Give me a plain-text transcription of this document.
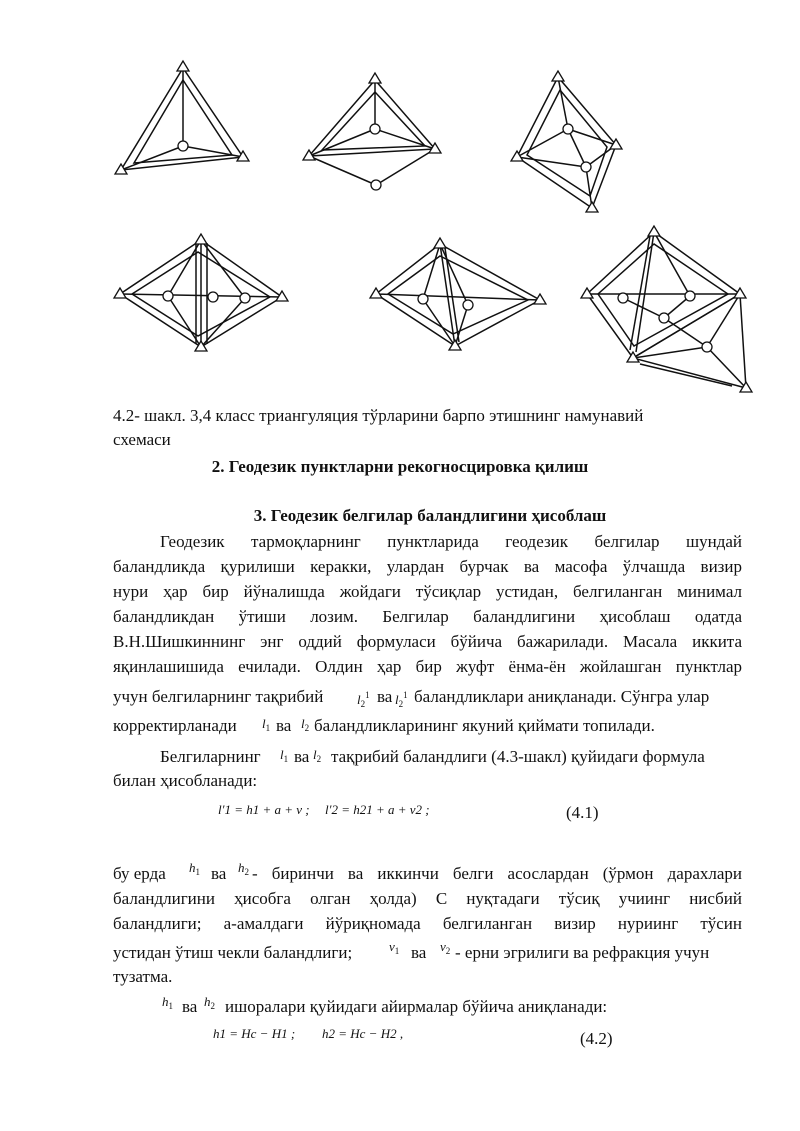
4.2- шакл. 3,4 класс триангуляция тўрларини барпо этишнинг намунавий
схемаси
2. Геодезик пунктларни рекогносцировка қилиш
3. Геодезик белгилар баландлигини ҳисоблаш
Геодезик тармоқларнинг пунктларида геодезик белгилар шундай
баландликда қурилиши керакки, улардан бурчак ва масофа ўлчашда визир
нури ҳар бир йўналишда жойдаги тўсиқлар устидан, белгиланган минимал
баландликдан ўтиши лозим. Белгилар баландлигини ҳисоблаш одатда
В.Н.Шишкиннинг энг оддий формуласи бўйича бажарилади. Масала иккита
яқинлашишида ечилади. Олдин ҳар бир жуфт ёнма-ён жойлашган пунктлар
учун белгиларнинг тақрибий	$l_2^1$ ва $l_2^1$ баландликлари аниқланади. Сўнгра улар
корректирланади $l_1$ ва $l_2$ баландликларининг якуний қиймати топилади.
Белгиларнинг $l_1$ ва $l_2$ тақрибий баландлиги (4.3-шакл) қуйидаги формула
билан ҳисобланади:
l′1 = h1 + a + v ; l′2 = h21 + a + v2 ;	(4.1)
бу ерда $h_1$ ва $h_2$ - биринчи ва иккинчи белги асослардан (ўрмон дарахлари
баландлигини ҳисобга олган ҳолда) C нуқтадаги тўсиқ учиинг нисбий
баландлиги; a-амалдаги йўриқномада белгиланган визир нуриинг тўсин
устидан ўтиш чекли баландлиги;	$v_1$ ва $v_2$ - ерни эгрилиги ва рефракция учун
тузатма.
$h_1$ ва $h_2$ ишоралари қуйидаги айирмалар бўйича аниқланади:
h1 = Hc − H1 ; h2 = Hc − H2 ,	(4.2)
